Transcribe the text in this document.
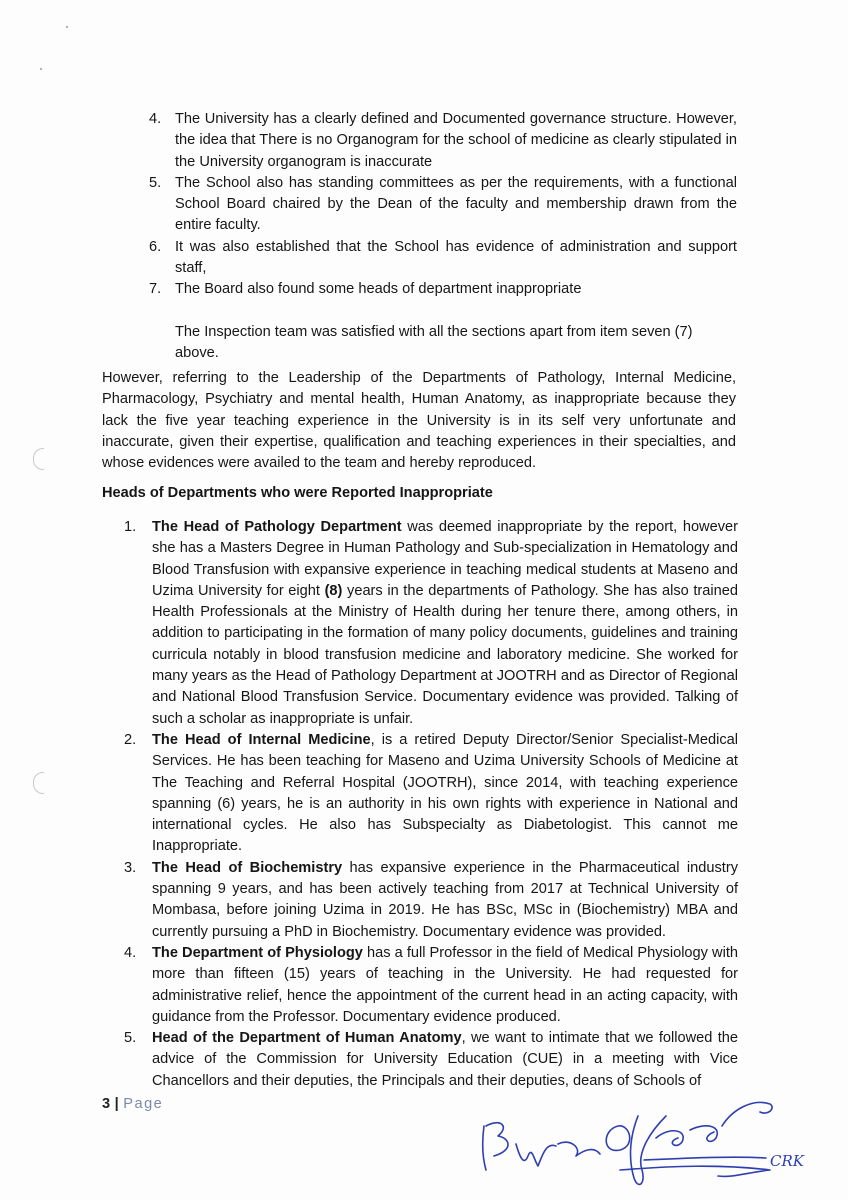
4. The University has a clearly defined and Documented governance structure. However, the idea that There is no Organogram for the school of medicine as clearly stipulated in the University organogram is inaccurate
5. The School also has standing committees as per the requirements, with a functional School Board chaired by the Dean of the faculty and membership drawn from the entire faculty.
6. It was also established that the School has evidence of administration and support staff,
7. The Board also found some heads of department inappropriate
The Inspection team was satisfied with all the sections apart from item seven (7) above.
However, referring to the Leadership of the Departments of Pathology, Internal Medicine, Pharmacology, Psychiatry and mental health, Human Anatomy, as inappropriate because they lack the five year teaching experience in the University is in its self very unfortunate and inaccurate, given their expertise, qualification and teaching experiences in their specialties, and whose evidences were availed to the team and hereby reproduced.
Heads of Departments who were Reported Inappropriate
1. The Head of Pathology Department was deemed inappropriate by the report, however she has a Masters Degree in Human Pathology and Sub-specialization in Hematology and Blood Transfusion with expansive experience in teaching medical students at Maseno and Uzima University for eight (8) years in the departments of Pathology. She has also trained Health Professionals at the Ministry of Health during her tenure there, among others, in addition to participating in the formation of many policy documents, guidelines and training curricula notably in blood transfusion medicine and laboratory medicine. She worked for many years as the Head of Pathology Department at JOOTRH and as Director of Regional and National Blood Transfusion Service. Documentary evidence was provided. Talking of such a scholar as inappropriate is unfair.
2. The Head of Internal Medicine, is a retired Deputy Director/Senior Specialist-Medical Services. He has been teaching for Maseno and Uzima University Schools of Medicine at The Teaching and Referral Hospital (JOOTRH), since 2014, with teaching experience spanning (6) years, he is an authority in his own rights with experience in National and international cycles. He also has Subspecialty as Diabetologist. This cannot me Inappropriate.
3. The Head of Biochemistry has expansive experience in the Pharmaceutical industry spanning 9 years, and has been actively teaching from 2017 at Technical University of Mombasa, before joining Uzima in 2019. He has BSc, MSc in (Biochemistry) MBA and currently pursuing a PhD in Biochemistry. Documentary evidence was provided.
4. The Department of Physiology has a full Professor in the field of Medical Physiology with more than fifteen (15) years of teaching in the University. He had requested for administrative relief, hence the appointment of the current head in an acting capacity, with guidance from the Professor. Documentary evidence produced.
5. Head of the Department of Human Anatomy, we want to intimate that we followed the advice of the Commission for University Education (CUE) in a meeting with Vice Chancellors and their deputies, the Principals and their deputies, deans of Schools of
3 | Page
CRK
